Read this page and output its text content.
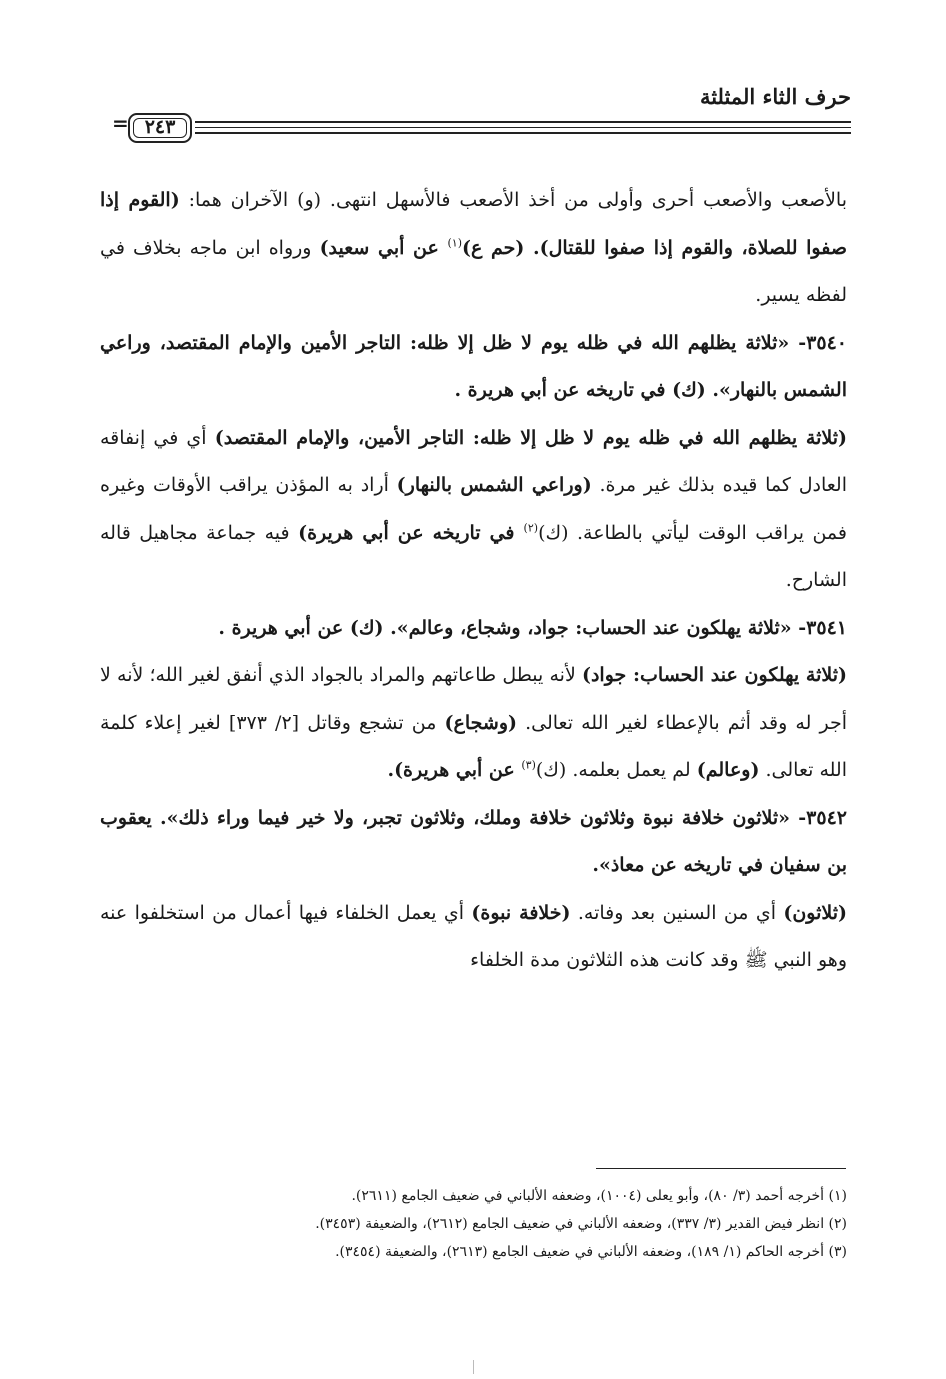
حرف الثاء المثلثة
= ٢٤٣

بالأصعب والأصعب أحرى وأولى من أخذ الأصعب فالأسهل انتهى. (و) الآخران هما: (القوم إذا صفوا للصلاة، والقوم إذا صفوا للقتال). (حم ع)$^{(١)}$ عن أبي سعيد) ورواه ابن ماجه بخلاف في لفظه يسير.

٣٥٤٠- «ثلاثة يظلهم الله في ظله يوم لا ظل إلا ظله: التاجر الأمين والإمام المقتصد، وراعي الشمس بالنهار». (ك) في تاريخه عن أبي هريرة .

(ثلاثة يظلهم الله في ظله يوم لا ظل إلا ظله: التاجر الأمين، والإمام المقتصد) أي في إنفاقه العادل كما قيده بذلك غير مرة. (وراعي الشمس بالنهار) أراد به المؤذن يراقب الأوقات وغيره فمن يراقب الوقت ليأتي بالطاعة. (ك)$^{(٢)}$ في تاريخه عن أبي هريرة) فيه جماعة مجاهيل قاله الشارح.

٣٥٤١- «ثلاثة يهلكون عند الحساب: جواد، وشجاع، وعالم». (ك) عن أبي هريرة .

(ثلاثة يهلكون عند الحساب: جواد) لأنه يبطل طاعاتهم والمراد بالجواد الذي أنفق لغير الله؛ لأنه لا أجر له وقد أثم بالإعطاء لغير الله تعالى. (وشجاع) من تشجع وقاتل [٢/ ٣٧٣] لغير إعلاء كلمة الله تعالى. (وعالم) لم يعمل بعلمه. (ك)$^{(٣)}$ عن أبي هريرة).

٣٥٤٢- «ثلاثون خلافة نبوة وثلاثون خلافة وملك، وثلاثون تجبر، ولا خير فيما وراء ذلك». يعقوب بن سفيان في تاريخه عن معاذ».

(ثلاثون) أي من السنين بعد وفاته. (خلافة نبوة) أي يعمل الخلفاء فيها أعمال من استخلفوا عنه وهو النبي ﷺ وقد كانت هذه الثلاثون مدة الخلفاء

(١) أخرجه أحمد (٣/ ٨٠)، وأبو يعلى (١٠٠٤)، وضعفه الألباني في ضعيف الجامع (٢٦١١).

(٢) انظر فيض القدير (٣/ ٣٣٧)، وضعفه الألباني في ضعيف الجامع (٢٦١٢)، والضعيفة (٣٤٥٣).

(٣) أخرجه الحاكم (١/ ١٨٩)، وضعفه الألباني في ضعيف الجامع (٢٦١٣)، والضعيفة (٣٤٥٤).
